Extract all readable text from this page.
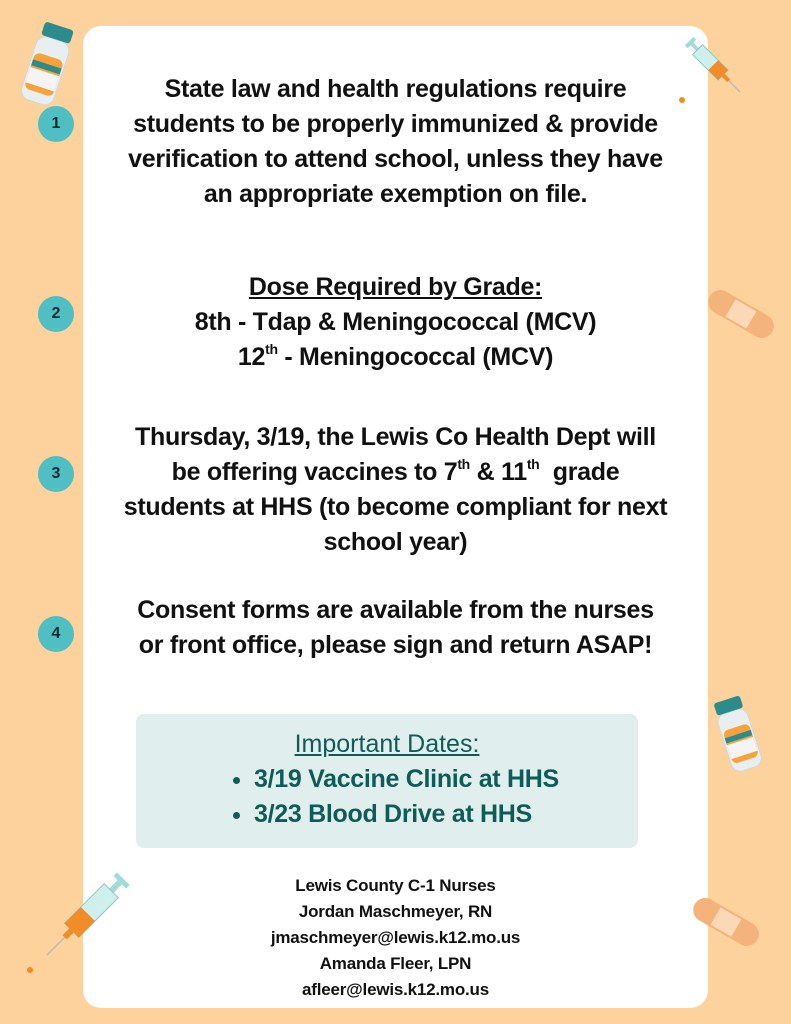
1
2
3
4
State law and health regulations require
students to be properly immunized & provide
verification to attend school, unless they have
an appropriate exemption on file.
Dose Required by Grade:
8th - Tdap & Meningococcal (MCV)
12th - Meningococcal (MCV)
Thursday, 3/19, the Lewis Co Health Dept will
be offering vaccines to 7th & 11th  grade
students at HHS (to become compliant for next
school year)
Consent forms are available from the nurses
or front office, please sign and return ASAP!
Important Dates:
• 3/19 Vaccine Clinic at HHS
• 3/23 Blood Drive at HHS
Lewis County C-1 Nurses
Jordan Maschmeyer, RN
jmaschmeyer@lewis.k12.mo.us
Amanda Fleer, LPN
afleer@lewis.k12.mo.us
